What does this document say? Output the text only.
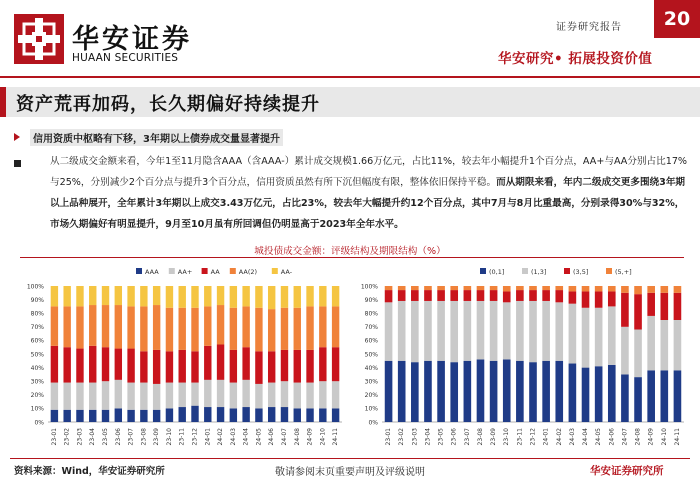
华安证券
HUAAN SECURITIES
证券研究报告	20
华安研究• 拓展投资价值
资产荒再加码，长久期偏好持续提升
信用资质中枢略有下移，3年期以上债券成交量显著提升
从二级成交金额来看，今年1至11月隐含AAA（含AAA-）累计成交规模1.66万亿元，占比11%，较去年小幅提升1个百分点，AA+与AA分别占比17%与25%，分别减少2个百分点与提升3个百分点，信用资质虽然有所下沉但幅度有限，整体依旧保持平稳。而从期限来看，年内二级成交更多围绕3年期以上品种展开，全年累计3年期以上成交3.43万亿元，占比23%，较去年大幅提升约12个百分点，其中7月与8月比重最高，分别录得30%与32%，市场久期偏好有明显提升，9月至10月虽有所回调但仍明显高于2023年全年水平。
城投债成交金额：评级结构及期限结构（%）
AAA	AA+	AA	AA(2)	AA-
0%
10%
20%
30%
40%
50%
60%
70%
80%
90%
100%
23-01 23-02 23-03 23-04 23-05 23-06 23-07 23-08 23-09 23-10 23-11 23-12 24-01 24-02 24-03 24-04 24-05 24-06 24-07 24-08 24-09 24-10 24-11
(0,1]	(1,3]	(3,5]	(5,+]
0%
10%
20%
30%
40%
50%
60%
70%
80%
90%
100%
23-01 23-02 23-03 23-04 23-05 23-06 23-07 23-08 23-09 23-10 23-11 23-12 24-01 24-02 24-03 24-04 24-05 24-06 24-07 24-08 24-09 24-10 24-11
资料来源：Wind，华安证券研究所	敬请参阅末页重要声明及评级说明	华安证券研究所
